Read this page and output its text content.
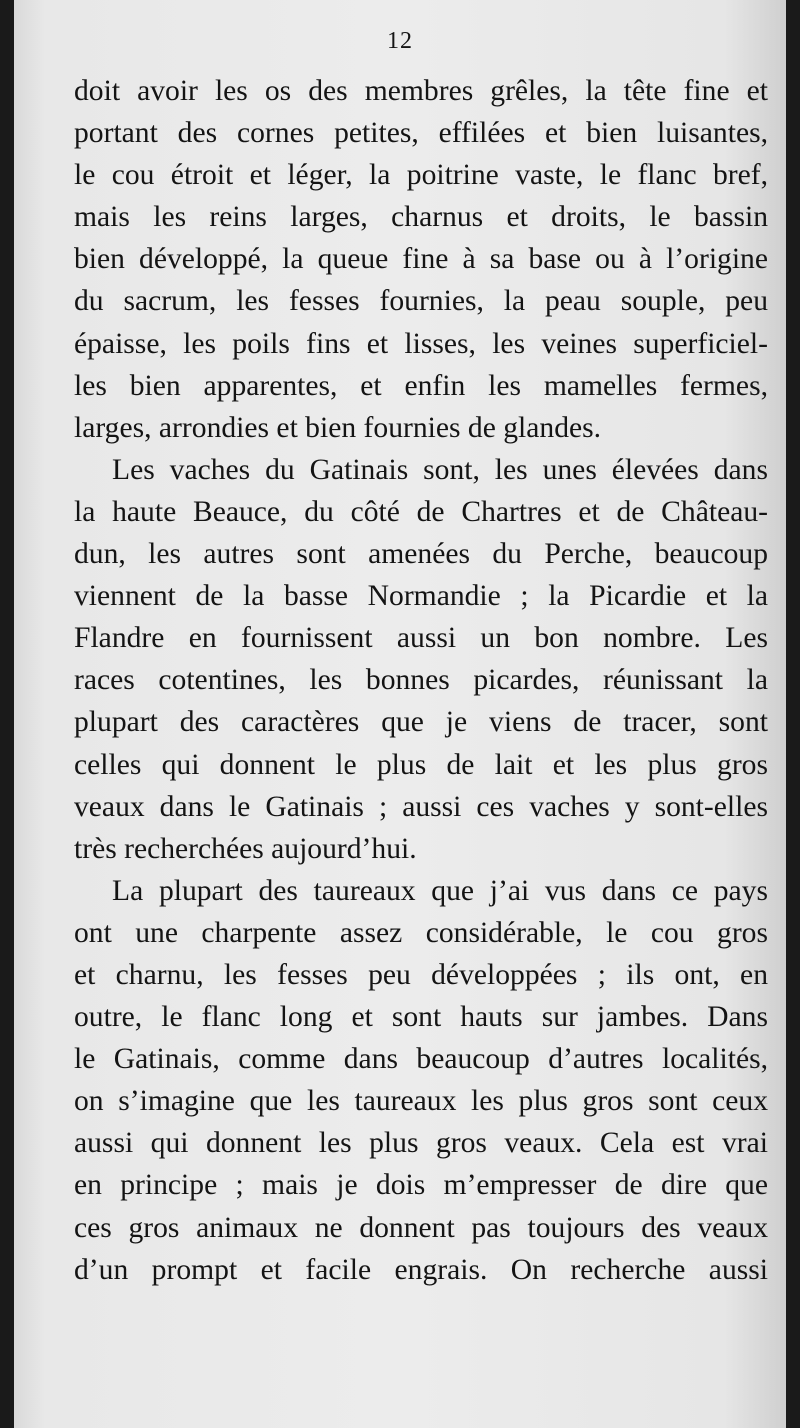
12

doit avoir les os des membres grêles, la tête fine et

portant des cornes petites, effilées et bien luisantes,

le cou étroit et léger, la poitrine vaste, le flanc bref,

mais les reins larges, charnus et droits, le bassin

bien développé, la queue fine à sa base ou à l’origine

du sacrum, les fesses fournies, la peau souple, peu

épaisse, les poils fins et lisses, les veines superficiel-

les bien apparentes, et enfin les mamelles fermes,

larges, arrondies et bien fournies de glandes.

Les vaches du Gatinais sont, les unes élevées dans

la haute Beauce, du côté de Chartres et de Château-

dun, les autres sont amenées du Perche, beaucoup

viennent de la basse Normandie ; la Picardie et la

Flandre en fournissent aussi un bon nombre. Les

races cotentines, les bonnes picardes, réunissant la

plupart des caractères que je viens de tracer, sont

celles qui donnent le plus de lait et les plus gros

veaux dans le Gatinais ; aussi ces vaches y sont-elles

très recherchées aujourd’hui.

La plupart des taureaux que j’ai vus dans ce pays

ont une charpente assez considérable, le cou gros

et charnu, les fesses peu développées ; ils ont, en

outre, le flanc long et sont hauts sur jambes. Dans

le Gatinais, comme dans beaucoup d’autres localités,

on s’imagine que les taureaux les plus gros sont ceux

aussi qui donnent les plus gros veaux. Cela est vrai

en principe ; mais je dois m’empresser de dire que

ces gros animaux ne donnent pas toujours des veaux

d’un prompt et facile engrais. On recherche aussi
